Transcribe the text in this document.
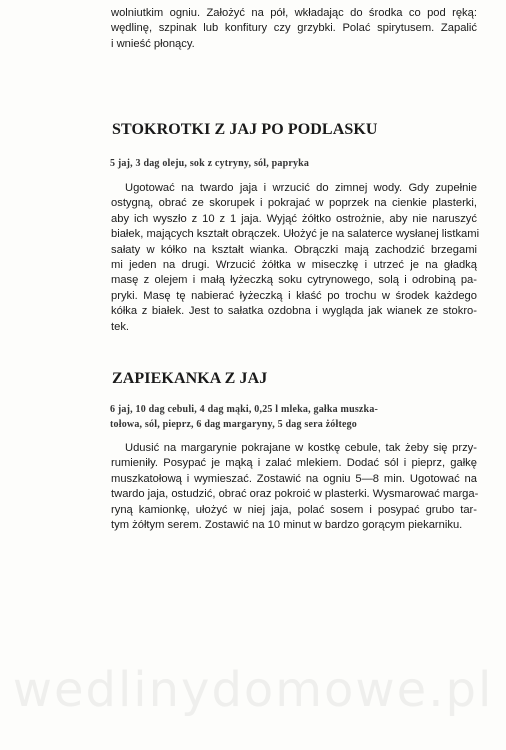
wolniutkim ogniu. Założyć na pół, wkładając do środka co pod ręką:
wędlinę, szpinak lub konfitury czy grzybki. Polać spirytusem. Zapalić
i wnieść płonący.
STOKROTKI Z JAJ PO PODLASKU
5 jaj, 3 dag oleju, sok z cytryny, sól, papryka
Ugotować na twardo jaja i wrzucić do zimnej wody. Gdy zupełnie
ostygną, obrać ze skorupek i pokrajać w poprzek na cienkie plasterki,
aby ich wyszło z 10 z 1 jaja. Wyjąć żółtko ostrożnie, aby nie naruszyć
białek, mających kształt obrączek. Ułożyć je na salaterce wysłanej listkami
sałaty w kółko na kształt wianka. Obrączki mają zachodzić brzegami
mi jeden na drugi. Wrzucić żółtka w miseczkę i utrzeć je na gładką
masę z olejem i małą łyżeczką soku cytrynowego, solą i odrobiną pa-
pryki. Masę tę nabierać łyżeczką i kłaść po trochu w środek każdego
kółka z białek. Jest to sałatka ozdobna i wygląda jak wianek ze stokro-
tek.
ZAPIEKANKA Z JAJ
6 jaj, 10 dag cebuli, 4 dag mąki, 0,25 l mleka, gałka muszka-
tołowa, sól, pieprz, 6 dag margaryny, 5 dag sera żółtego
Udusić na margarynie pokrajane w kostkę cebule, tak żeby się przy-
rumieniły. Posypać je mąką i zalać mlekiem. Dodać sól i pieprz, gałkę
muszkatołową i wymieszać. Zostawić na ogniu 5—8 min. Ugotować na
twardo jaja, ostudzić, obrać oraz pokroić w plasterki. Wysmarować marga-
ryną kamionkę, ułożyć w niej jaja, polać sosem i posypać grubo tar-
tym żółtym serem. Zostawić na 10 minut w bardzo gorącym piekarniku.
wedlinydomowe.pl
